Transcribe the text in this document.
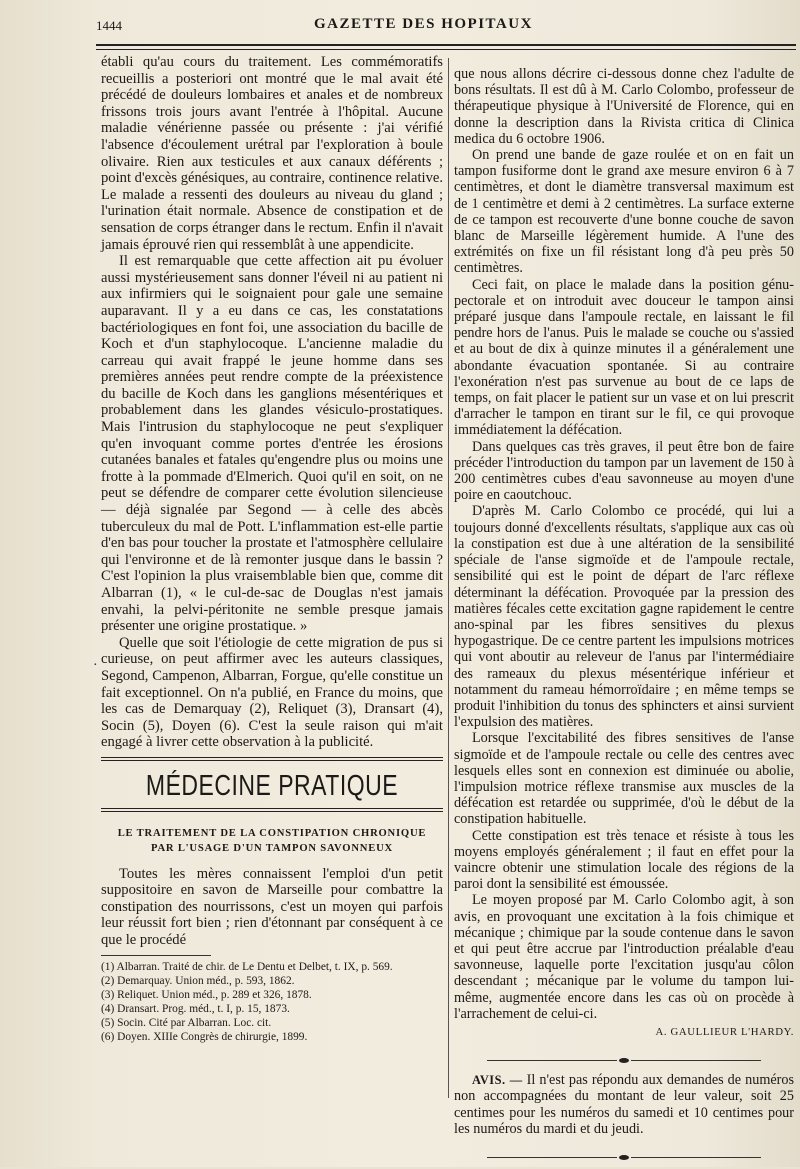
1444	GAZETTE DES HOPITAUX
·

établi qu'au cours du traitement. Les commémoratifs recueillis a posteriori ont montré que le mal avait été précédé de douleurs lombaires et anales et de nombreux frissons trois jours avant l'entrée à l'hôpital. Aucune maladie vénérienne passée ou présente : j'ai vérifié l'absence d'écoulement urétral par l'exploration à boule olivaire. Rien aux testicules et aux canaux déférents ; point d'excès génésiques, au contraire, continence relative. Le malade a ressenti des douleurs au niveau du gland ; l'urination était normale. Absence de constipation et de sensation de corps étranger dans le rectum. Enfin il n'avait jamais éprouvé rien qui ressemblât à une appendicite.

Il est remarquable que cette affection ait pu évoluer aussi mystérieusement sans donner l'éveil ni au patient ni aux infirmiers qui le soignaient pour gale une semaine auparavant. Il y a eu dans ce cas, les constatations bactériologiques en font foi, une association du bacille de Koch et d'un staphylocoque. L'ancienne maladie du carreau qui avait frappé le jeune homme dans ses premières années peut rendre compte de la préexistence du bacille de Koch dans les ganglions mésentériques et probablement dans les glandes vésiculo-prostatiques. Mais l'intrusion du staphylocoque ne peut s'expliquer qu'en invoquant comme portes d'entrée les érosions cutanées banales et fatales qu'engendre plus ou moins une frotte à la pommade d'Elmerich. Quoi qu'il en soit, on ne peut se défendre de comparer cette évolution silencieuse — déjà signalée par Segond — à celle des abcès tuberculeux du mal de Pott. L'inflammation est-elle partie d'en bas pour toucher la prostate et l'atmosphère cellulaire qui l'environne et de là remonter jusque dans le bassin ? C'est l'opinion la plus vraisemblable bien que, comme dit Albarran (1), « le cul-de-sac de Douglas n'est jamais envahi, la pelvi-péritonite ne semble presque jamais présenter une origine prostatique. »

Quelle que soit l'étiologie de cette migration de pus si curieuse, on peut affirmer avec les auteurs classiques, Segond, Campenon, Albarran, Forgue, qu'elle constitue un fait exceptionnel. On n'a publié, en France du moins, que les cas de Demarquay (2), Reliquet (3), Dransart (4), Socin (5), Doyen (6). C'est la seule raison qui m'ait engagé à livrer cette observation à la publicité.

MÉDECINE PRATIQUE
LE TRAITEMENT DE LA CONSTIPATION CHRONIQUE
PAR L'USAGE D'UN TAMPON SAVONNEUX

Toutes les mères connaissent l'emploi d'un petit suppositoire en savon de Marseille pour combattre la constipation des nourrissons, c'est un moyen qui parfois leur réussit fort bien ; rien d'étonnant par conséquent à ce que le procédé

(1) Albarran. Traité de chir. de Le Dentu et Delbet, t. IX, p. 569.
(2) Demarquay. Union méd., p. 593, 1862.
(3) Reliquet. Union méd., p. 289 et 326, 1878.
(4) Dransart. Prog. méd., t. I, p. 15, 1873.
(5) Socin. Cité par Albarran. Loc. cit.
(6) Doyen. XIIIe Congrès de chirurgie, 1899.

que nous allons décrire ci-dessous donne chez l'adulte de bons résultats. Il est dû à M. Carlo Colombo, professeur de thérapeutique physique à l'Université de Florence, qui en donne la description dans la Rivista critica di Clinica medica du 6 octobre 1906.

On prend une bande de gaze roulée et on en fait un tampon fusiforme dont le grand axe mesure environ 6 à 7 centimètres, et dont le diamètre transversal maximum est de 1 centimètre et demi à 2 centimètres. La surface externe de ce tampon est recouverte d'une bonne couche de savon blanc de Marseille légèrement humide. A l'une des extrémités on fixe un fil résistant long d'à peu près 50 centimètres.

Ceci fait, on place le malade dans la position génu-pectorale et on introduit avec douceur le tampon ainsi préparé jusque dans l'ampoule rectale, en laissant le fil pendre hors de l'anus. Puis le malade se couche ou s'assied et au bout de dix à quinze minutes il a généralement une abondante évacuation spontanée. Si au contraire l'exonération n'est pas survenue au bout de ce laps de temps, on fait placer le patient sur un vase et on lui prescrit d'arracher le tampon en tirant sur le fil, ce qui provoque immédiatement la défécation.

Dans quelques cas très graves, il peut être bon de faire précéder l'introduction du tampon par un lavement de 150 à 200 centimètres cubes d'eau savonneuse au moyen d'une poire en caoutchouc.

D'après M. Carlo Colombo ce procédé, qui lui a toujours donné d'excellents résultats, s'applique aux cas où la constipation est due à une altération de la sensibilité spéciale de l'anse sigmoïde et de l'ampoule rectale, sensibilité qui est le point de départ de l'arc réflexe déterminant la défécation. Provoquée par la pression des matières fécales cette excitation gagne rapidement le centre ano-spinal par les fibres sensitives du plexus hypogastrique. De ce centre partent les impulsions motrices qui vont aboutir au releveur de l'anus par l'intermédiaire des rameaux du plexus mésentérique inférieur et notamment du rameau hémorroïdaire ; en même temps se produit l'inhibition du tonus des sphincters et ainsi survient l'expulsion des matières.

Lorsque l'excitabilité des fibres sensitives de l'anse sigmoïde et de l'ampoule rectale ou celle des centres avec lesquels elles sont en connexion est diminuée ou abolie, l'impulsion motrice réflexe transmise aux muscles de la défécation est retardée ou supprimée, d'où le début de la constipation habituelle.

Cette constipation est très tenace et résiste à tous les moyens employés généralement ; il faut en effet pour la vaincre obtenir une stimulation locale des régions de la paroi dont la sensibilité est émoussée.

Le moyen proposé par M. Carlo Colombo agit, à son avis, en provoquant une excitation à la fois chimique et mécanique ; chimique par la soude contenue dans le savon et qui peut être accrue par l'introduction préalable d'eau savonneuse, laquelle porte l'excitation jusqu'au côlon descendant ; mécanique par le volume du tampon lui-même, augmentée encore dans les cas où on procède à l'arrachement de celui-ci.

A. GAULLIEUR L'HARDY.

AVIS. — Il n'est pas répondu aux demandes de numéros non accompagnées du montant de leur valeur, soit 25 centimes pour les numéros du samedi et 10 centimes pour les numéros du mardi et du jeudi.
